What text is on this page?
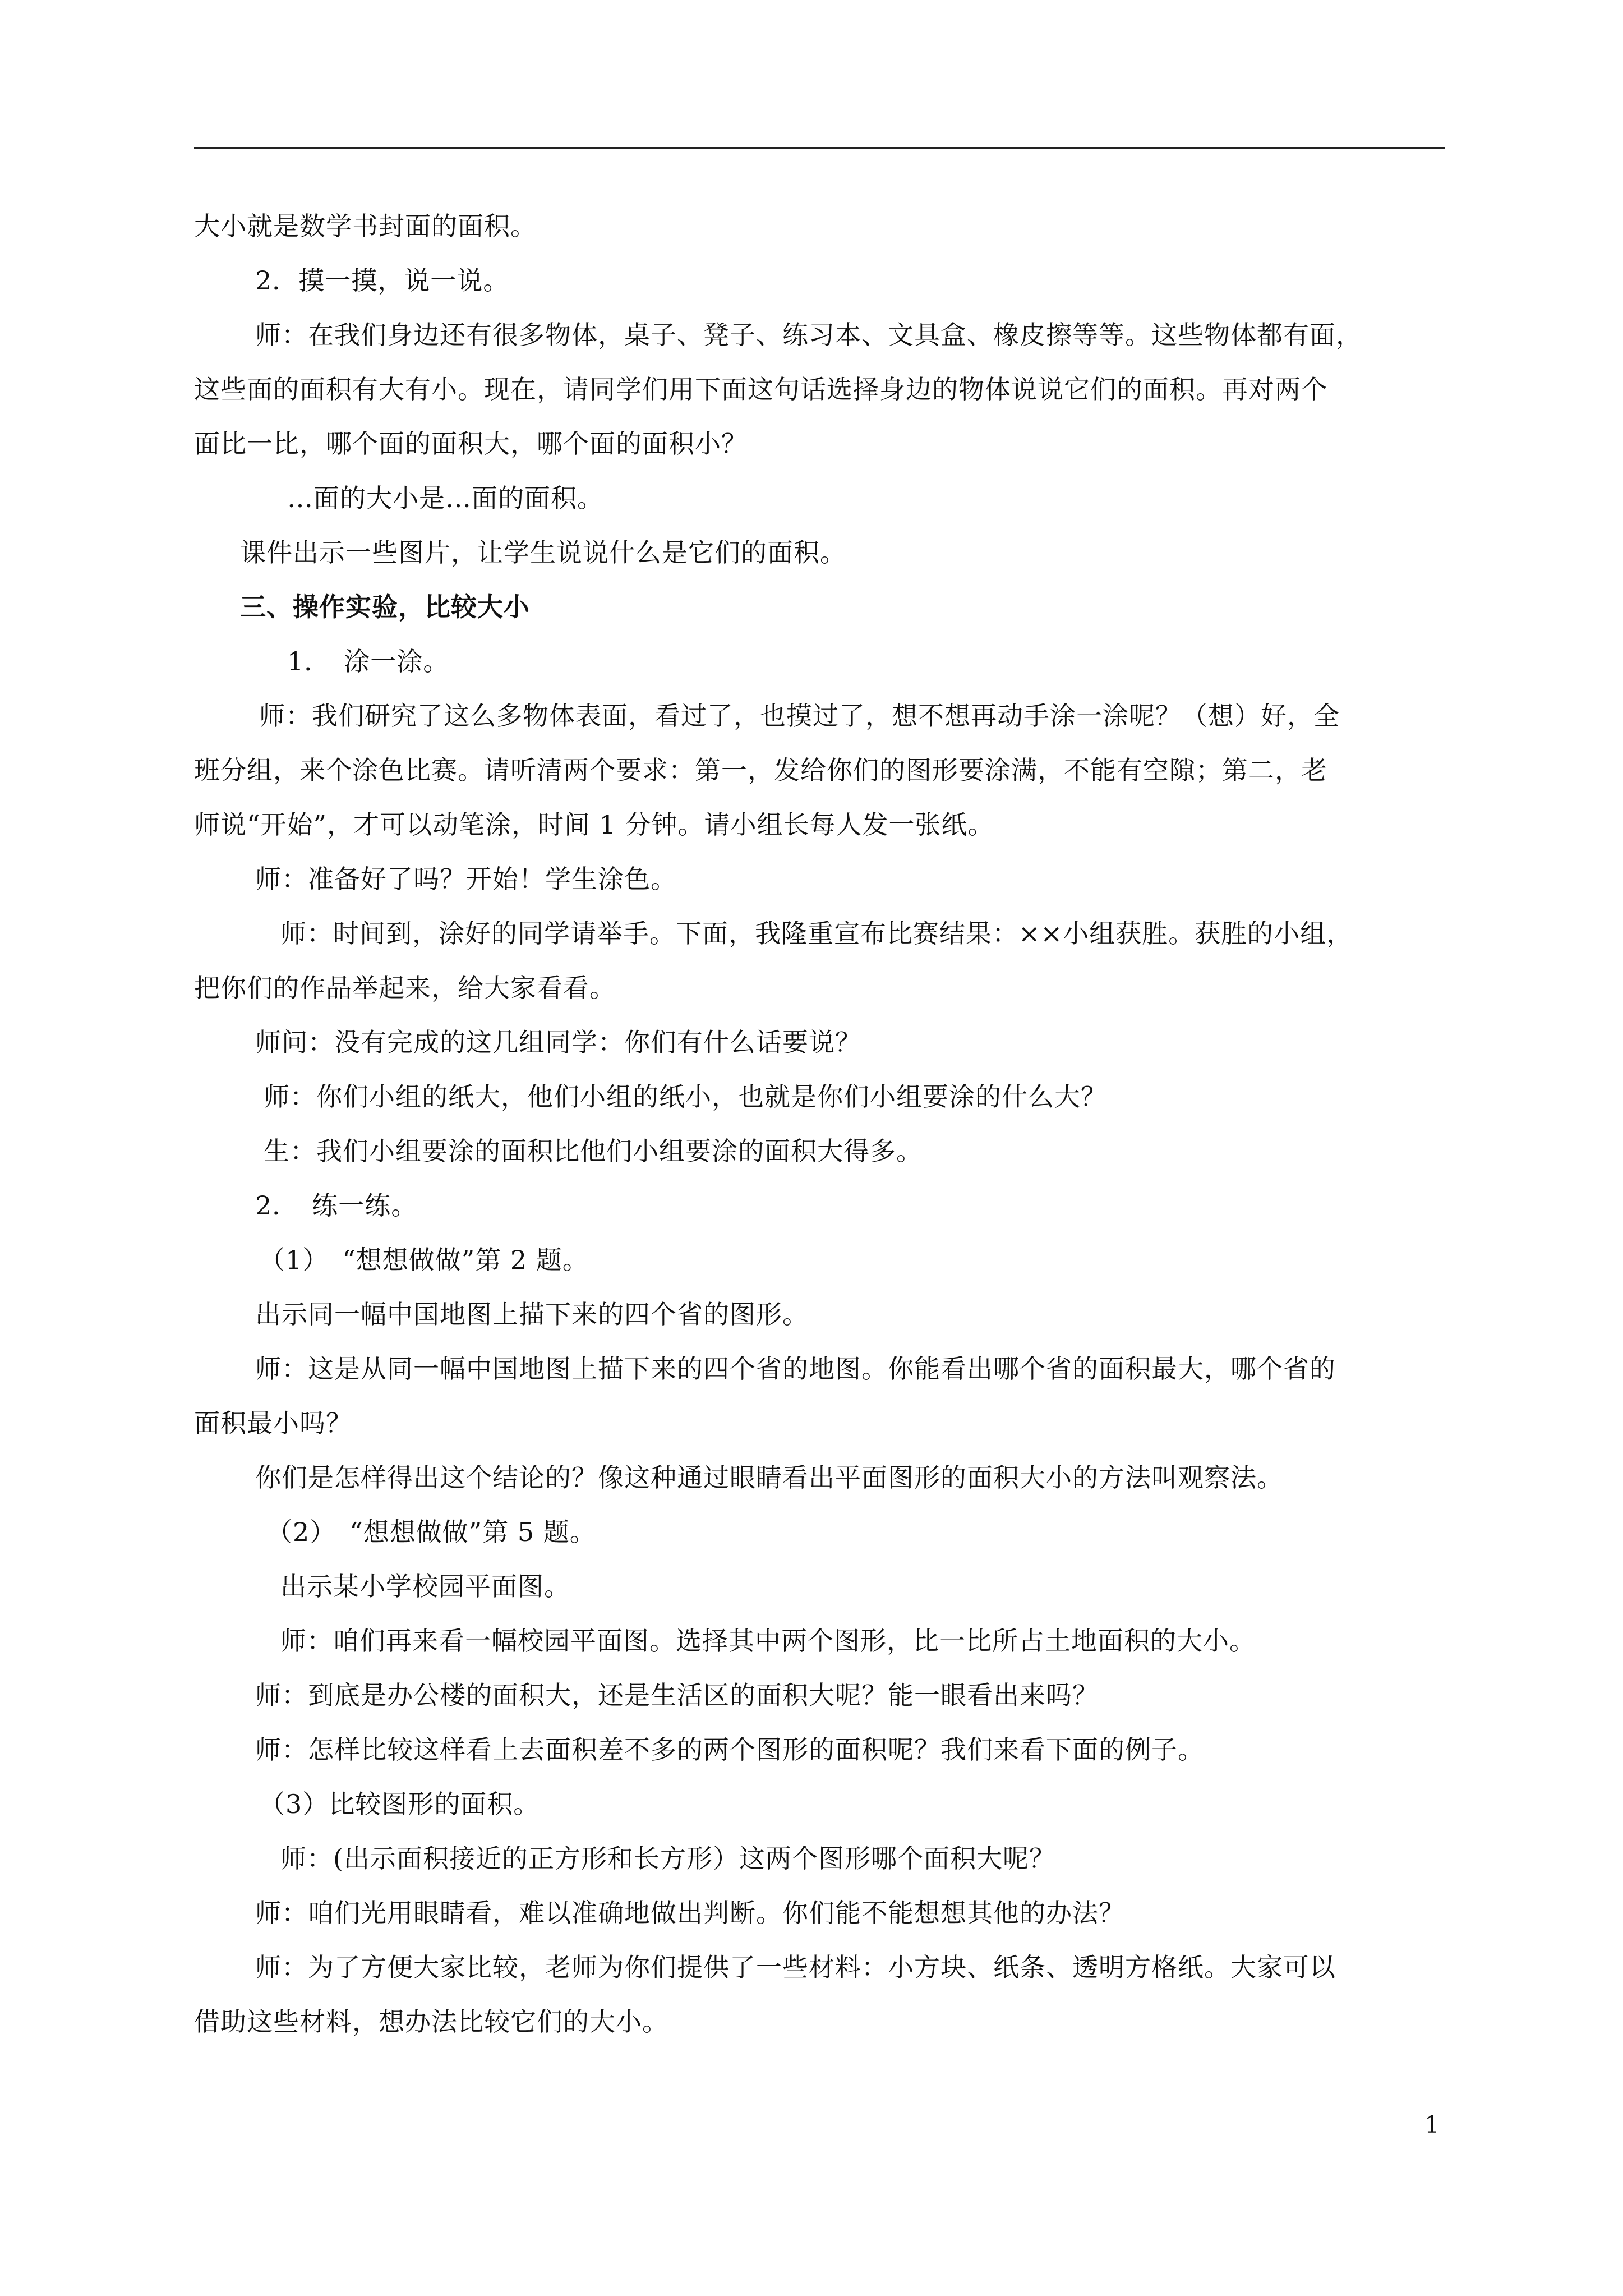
大小就是数学书封面的面积。
2．摸一摸，说一说。
师：在我们身边还有很多物体，桌子、凳子、练习本、文具盒、橡皮擦等等。这些物体都有面，
这些面的面积有大有小。现在，请同学们用下面这句话选择身边的物体说说它们的面积。再对两个
面比一比，哪个面的面积大，哪个面的面积小？
…面的大小是…面的面积。
课件出示一些图片，让学生说说什么是它们的面积。
三、操作实验，比较大小
1．　涂一涂。
师：我们研究了这么多物体表面，看过了，也摸过了，想不想再动手涂一涂呢？（想）好，全
班分组，来个涂色比赛。请听清两个要求：第一，发给你们的图形要涂满，不能有空隙；第二，老
师说“开始”，才可以动笔涂，时间 1 分钟。请小组长每人发一张纸。
师：准备好了吗？开始！学生涂色。
师：时间到，涂好的同学请举手。下面，我隆重宣布比赛结果：××小组获胜。获胜的小组，
把你们的作品举起来，给大家看看。
师问：没有完成的这几组同学：你们有什么话要说？
师：你们小组的纸大，他们小组的纸小，也就是你们小组要涂的什么大？
生：我们小组要涂的面积比他们小组要涂的面积大得多。
2．　练一练。
（1）　“想想做做”第 2 题。
出示同一幅中国地图上描下来的四个省的图形。
师：这是从同一幅中国地图上描下来的四个省的地图。你能看出哪个省的面积最大，哪个省的
面积最小吗？
你们是怎样得出这个结论的？像这种通过眼睛看出平面图形的面积大小的方法叫观察法。
（2）　“想想做做”第 5 题。
出示某小学校园平面图。
师：咱们再来看一幅校园平面图。选择其中两个图形，比一比所占土地面积的大小。
师：到底是办公楼的面积大，还是生活区的面积大呢？能一眼看出来吗？
师：怎样比较这样看上去面积差不多的两个图形的面积呢？我们来看下面的例子。
（3）比较图形的面积。
师：(出示面积接近的正方形和长方形）这两个图形哪个面积大呢？
师：咱们光用眼睛看，难以准确地做出判断。你们能不能想想其他的办法？
师：为了方便大家比较，老师为你们提供了一些材料：小方块、纸条、透明方格纸。大家可以
借助这些材料，想办法比较它们的大小。
1
